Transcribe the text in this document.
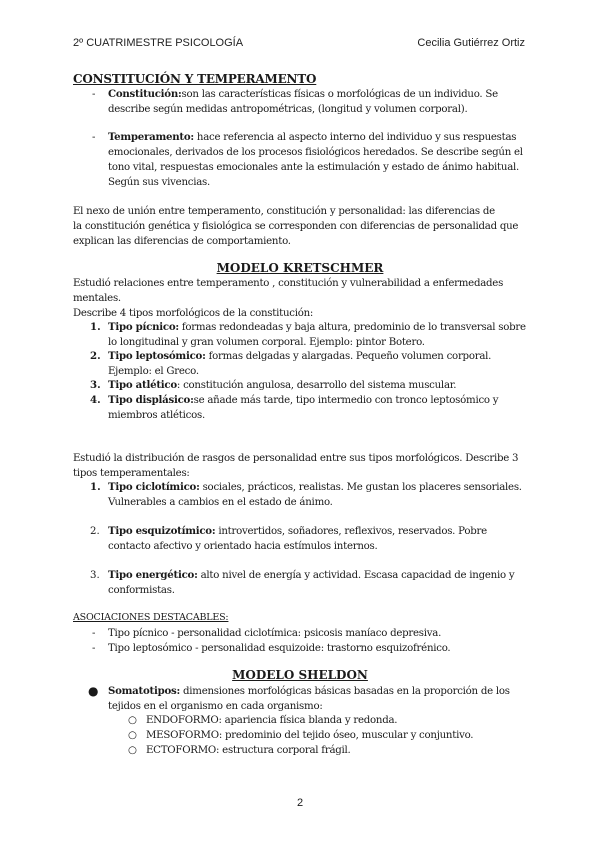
2º CUATRIMESTRE PSICOLOGÍA	Cecilia Gutiérrez Ortiz
CONSTITUCIÓN Y TEMPERAMENTO
- Constitución:son las características físicas o morfológicas de un individuo. Se
describe según medidas antropométricas, (longitud y volumen corporal).
- Temperamento: hace referencia al aspecto interno del individuo y sus respuestas
emocionales, derivados de los procesos fisiológicos heredados. Se describe según el
tono vital, respuestas emocionales ante la estimulación y estado de ánimo habitual.
Según sus vivencias.
El nexo de unión entre temperamento, constitución y personalidad: las diferencias de
la constitución genética y fisiológica se corresponden con diferencias de personalidad que
explican las diferencias de comportamiento.
MODELO KRETSCHMER
Estudió relaciones entre temperamento , constitución y vulnerabilidad a enfermedades
mentales.
Describe 4 tipos morfológicos de la constitución:
1. Tipo pícnico: formas redondeadas y baja altura, predominio de lo transversal sobre
lo longitudinal y gran volumen corporal. Ejemplo: pintor Botero.
2. Tipo leptosómico: formas delgadas y alargadas. Pequeño volumen corporal.
Ejemplo: el Greco.
3. Tipo atlético: constitución angulosa, desarrollo del sistema muscular.
4. Tipo displásico:se añade más tarde, tipo intermedio con tronco leptosómico y
miembros atléticos.
Estudió la distribución de rasgos de personalidad entre sus tipos morfológicos. Describe 3
tipos temperamentales:
1. Tipo ciclotímico: sociales, prácticos, realistas. Me gustan los placeres sensoriales.
Vulnerables a cambios en el estado de ánimo.
2. Tipo esquizotímico: introvertidos, soñadores, reflexivos, reservados. Pobre
contacto afectivo y orientado hacia estímulos internos.
3. Tipo energético: alto nivel de energía y actividad. Escasa capacidad de ingenio y
conformistas.
ASOCIACIONES DESTACABLES:
- Tipo pícnico - personalidad ciclotímica: psicosis maníaco depresiva.
- Tipo leptosómico - personalidad esquizoide: trastorno esquizofrénico.
MODELO SHELDON
● Somatotipos: dimensiones morfológicas básicas basadas en la proporción de los
tejidos en el organismo en cada organismo:
○ ENDOFORMO: apariencia física blanda y redonda.
○ MESOFORMO: predominio del tejido óseo, muscular y conjuntivo.
○ ECTOFORMO: estructura corporal frágil.
2
